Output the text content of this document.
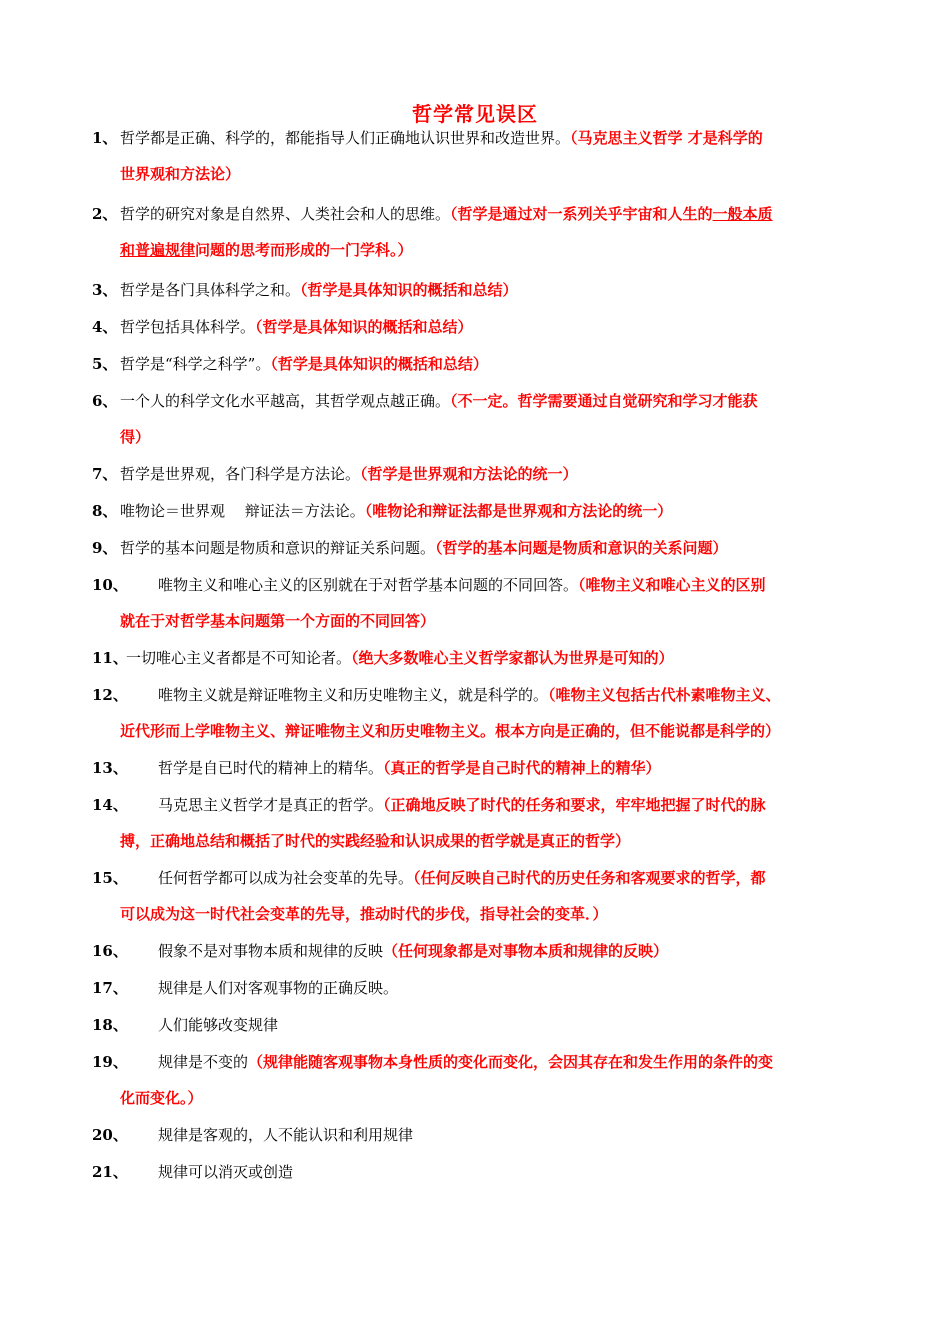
哲学常见误区
1、 哲学都是正确、科学的，都能指导人们正确地认识世界和改造世界。（马克思主义哲学 才是科学的
世界观和方法论）
2、 哲学的研究对象是自然界、人类社会和人的思维。（哲学是通过对一系列关乎宇宙和人生的一般本质
和普遍规律问题的思考而形成的一门学科。）
3、 哲学是各门具体科学之和。（哲学是具体知识的概括和总结）
4、 哲学包括具体科学。（哲学是具体知识的概括和总结）
5、 哲学是“科学之科学”。（哲学是具体知识的概括和总结）
6、 一个人的科学文化水平越高，其哲学观点越正确。（不一定。哲学需要通过自觉研究和学习才能获
得）
7、 哲学是世界观，各门科学是方法论。（哲学是世界观和方法论的统一）
8、 唯物论＝世界观　 辩证法＝方法论。（唯物论和辩证法都是世界观和方法论的统一）
9、 哲学的基本问题是物质和意识的辩证关系问题。（哲学的基本问题是物质和意识的关系问题）
10、 唯物主义和唯心主义的区别就在于对哲学基本问题的不同回答。（唯物主义和唯心主义的区别
就在于对哲学基本问题第一个方面的不同回答）
11、一切唯心主义者都是不可知论者。（绝大多数唯心主义哲学家都认为世界是可知的）
12、 唯物主义就是辩证唯物主义和历史唯物主义，就是科学的。（唯物主义包括古代朴素唯物主义、
近代形而上学唯物主义、辩证唯物主义和历史唯物主义。根本方向是正确的，但不能说都是科学的）
13、 哲学是自已时代的精神上的精华。（真正的哲学是自己时代的精神上的精华）
14、 马克思主义哲学才是真正的哲学。（正确地反映了时代的任务和要求，牢牢地把握了时代的脉
搏，正确地总结和概括了时代的实践经验和认识成果的哲学就是真正的哲学）
15、 任何哲学都可以成为社会变革的先导。（任何反映自己时代的历史任务和客观要求的哲学，都
可以成为这一时代社会变革的先导，推动时代的步伐，指导社会的变革．）
16、 假象不是对事物本质和规律的反映（任何现象都是对事物本质和规律的反映）
17、 规律是人们对客观事物的正确反映。
18、 人们能够改变规律
19、 规律是不变的（规律能随客观事物本身性质的变化而变化，会因其存在和发生作用的条件的变
化而变化。）
20、 规律是客观的，人不能认识和利用规律
21、 规律可以消灭或创造
